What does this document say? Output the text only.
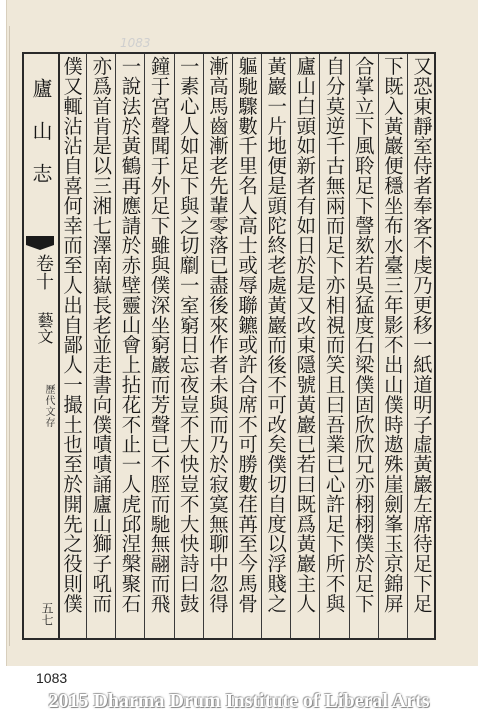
1083
廬 山 志
卷十
藝文
歷代文存
五七
又恐東靜室侍者奉客不虔乃更移一紙道明子虛黃巖左席待足下足
下既入黃巖便穩坐布水臺三年影不出山僕時遨殊崖劍峯玉京錦屏
合掌立下風聆足下謦欬若吳猛度石梁僕固欣欣兄亦栩栩僕於足下
自分莫逆千古無兩而足下亦相視而笑且曰吾業已心許足下所不與
廬山白頭如新者有如日於是又改東隱號黃巖已若曰既爲黃巖主人
黃巖一片地便是頭陀終老處黃巖而後不可改矣僕切自度以浮賤之
軀馳驟數千里名人高士或辱聯鑣或許合席不可勝數荏苒至今馬骨
漸高馬齒漸老先輩零落已盡後來作者未與而乃於寂寞無聊中忽得
一素心人如足下與之切劘一室窮日忘夜豈不大快豈不大快詩曰鼓
鐘于宮聲聞于外足下雖與僕深坐窮巖而芳聲已不脛而馳無翮而飛
一說法於黃鶴再應請於赤壁靈山會上拈花不止一人虎邱涅槃聚石
亦爲首肯是以三湘七澤南嶽長老並走書向僕嘖嘖誦廬山獅子吼而
僕又輒沾沾自喜何幸而至人出自鄙人一撮土也至於開先之役則僕
1083
2015 Dharma Drum Institute of Liberal Arts
